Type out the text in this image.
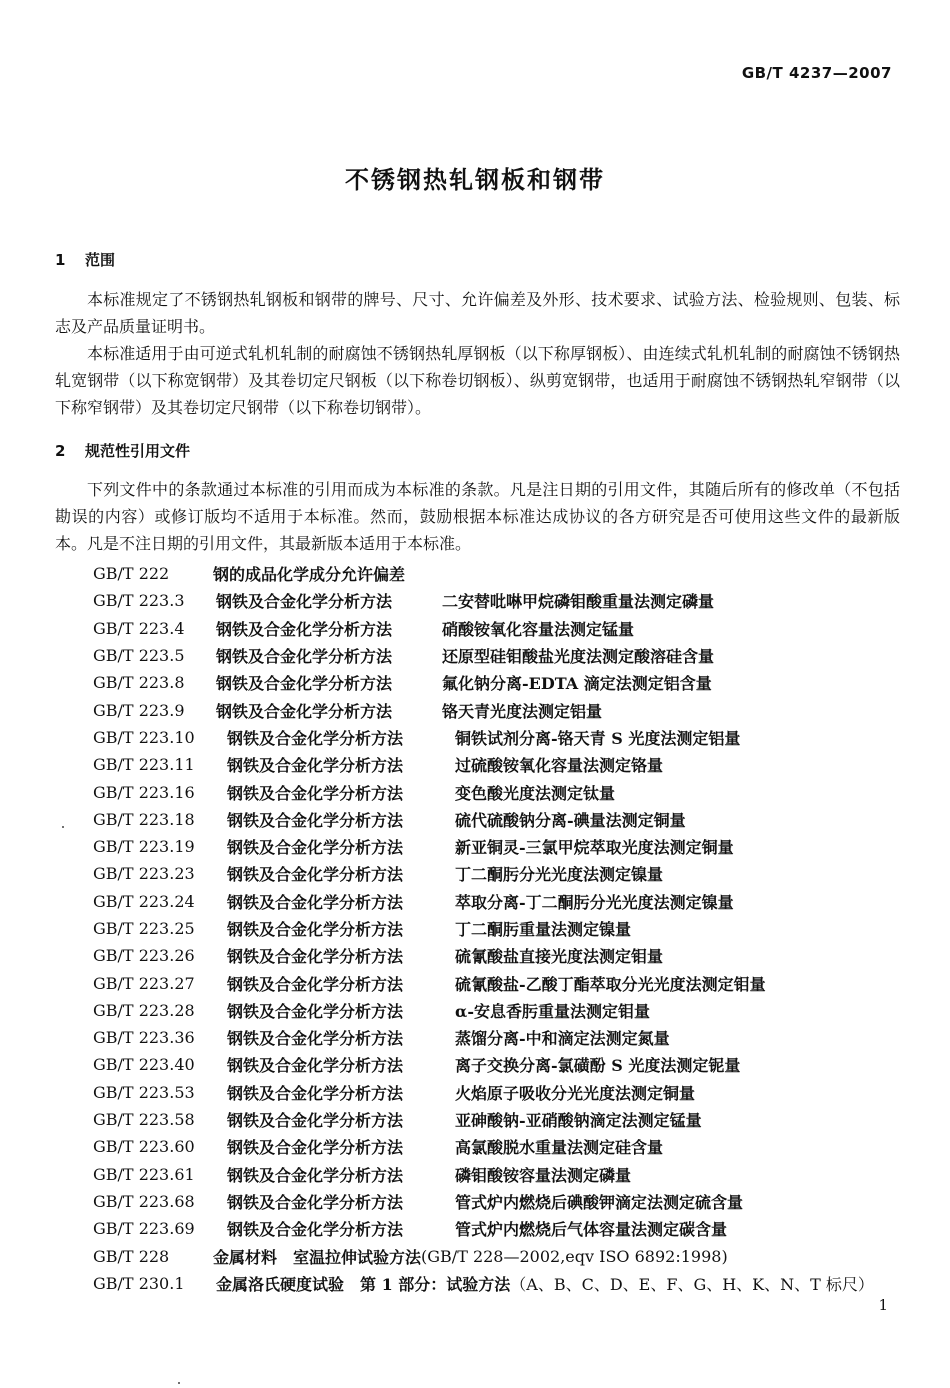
GB/T 4237—2007
不锈钢热轧钢板和钢带
1 范围

本标准规定了不锈钢热轧钢板和钢带的牌号、尺寸、允许偏差及外形、技术要求、试验方法、检验规则、包装、标志及产品质量证明书。

本标准适用于由可逆式轧机轧制的耐腐蚀不锈钢热轧厚钢板（以下称厚钢板）、由连续式轧机轧制的耐腐蚀不锈钢热轧宽钢带（以下称宽钢带）及其卷切定尺钢板（以下称卷切钢板）、纵剪宽钢带，也适用于耐腐蚀不锈钢热轧窄钢带（以下称窄钢带）及其卷切定尺钢带（以下称卷切钢带）。

2 规范性引用文件

下列文件中的条款通过本标准的引用而成为本标准的条款。凡是注日期的引用文件，其随后所有的修改单（不包括勘误的内容）或修订版均不适用于本标准。然而，鼓励根据本标准达成协议的各方研究是否可使用这些文件的最新版本。凡是不注日期的引用文件，其最新版本适用于本标准。

GB/T 222	钢的成品化学成分允许偏差
GB/T 223.3	钢铁及合金化学分析方法	二安替吡啉甲烷磷钼酸重量法测定磷量
GB/T 223.4	钢铁及合金化学分析方法	硝酸铵氧化容量法测定锰量
GB/T 223.5	钢铁及合金化学分析方法	还原型硅钼酸盐光度法测定酸溶硅含量
GB/T 223.8	钢铁及合金化学分析方法	氟化钠分离-EDTA 滴定法测定铝含量
GB/T 223.9	钢铁及合金化学分析方法	铬天青光度法测定铝量
GB/T 223.10	钢铁及合金化学分析方法	铜铁试剂分离-铬天青 S 光度法测定铝量
GB/T 223.11	钢铁及合金化学分析方法	过硫酸铵氧化容量法测定铬量
GB/T 223.16	钢铁及合金化学分析方法	变色酸光度法测定钛量
GB/T 223.18	钢铁及合金化学分析方法	硫代硫酸钠分离-碘量法测定铜量
GB/T 223.19	钢铁及合金化学分析方法	新亚铜灵-三氯甲烷萃取光度法测定铜量
GB/T 223.23	钢铁及合金化学分析方法	丁二酮肟分光光度法测定镍量
GB/T 223.24	钢铁及合金化学分析方法	萃取分离-丁二酮肟分光光度法测定镍量
GB/T 223.25	钢铁及合金化学分析方法	丁二酮肟重量法测定镍量
GB/T 223.26	钢铁及合金化学分析方法	硫氰酸盐直接光度法测定钼量
GB/T 223.27	钢铁及合金化学分析方法	硫氰酸盐-乙酸丁酯萃取分光光度法测定钼量
GB/T 223.28	钢铁及合金化学分析方法	α-安息香肟重量法测定钼量
GB/T 223.36	钢铁及合金化学分析方法	蒸馏分离-中和滴定法测定氮量
GB/T 223.40	钢铁及合金化学分析方法	离子交换分离-氯磺酚 S 光度法测定铌量
GB/T 223.53	钢铁及合金化学分析方法	火焰原子吸收分光光度法测定铜量
GB/T 223.58	钢铁及合金化学分析方法	亚砷酸钠-亚硝酸钠滴定法测定锰量
GB/T 223.60	钢铁及合金化学分析方法	高氯酸脱水重量法测定硅含量
GB/T 223.61	钢铁及合金化学分析方法	磷钼酸铵容量法测定磷量
GB/T 223.68	钢铁及合金化学分析方法	管式炉内燃烧后碘酸钾滴定法测定硫含量
GB/T 223.69	钢铁及合金化学分析方法	管式炉内燃烧后气体容量法测定碳含量
GB/T 228	金属材料　室温拉伸试验方法 (GB/T 228—2002,eqv ISO 6892:1998)
GB/T 230.1	金属洛氏硬度试验　第 1 部分：试验方法 （A、B、C、D、E、F、G、H、K、N、T 标尺）
1
